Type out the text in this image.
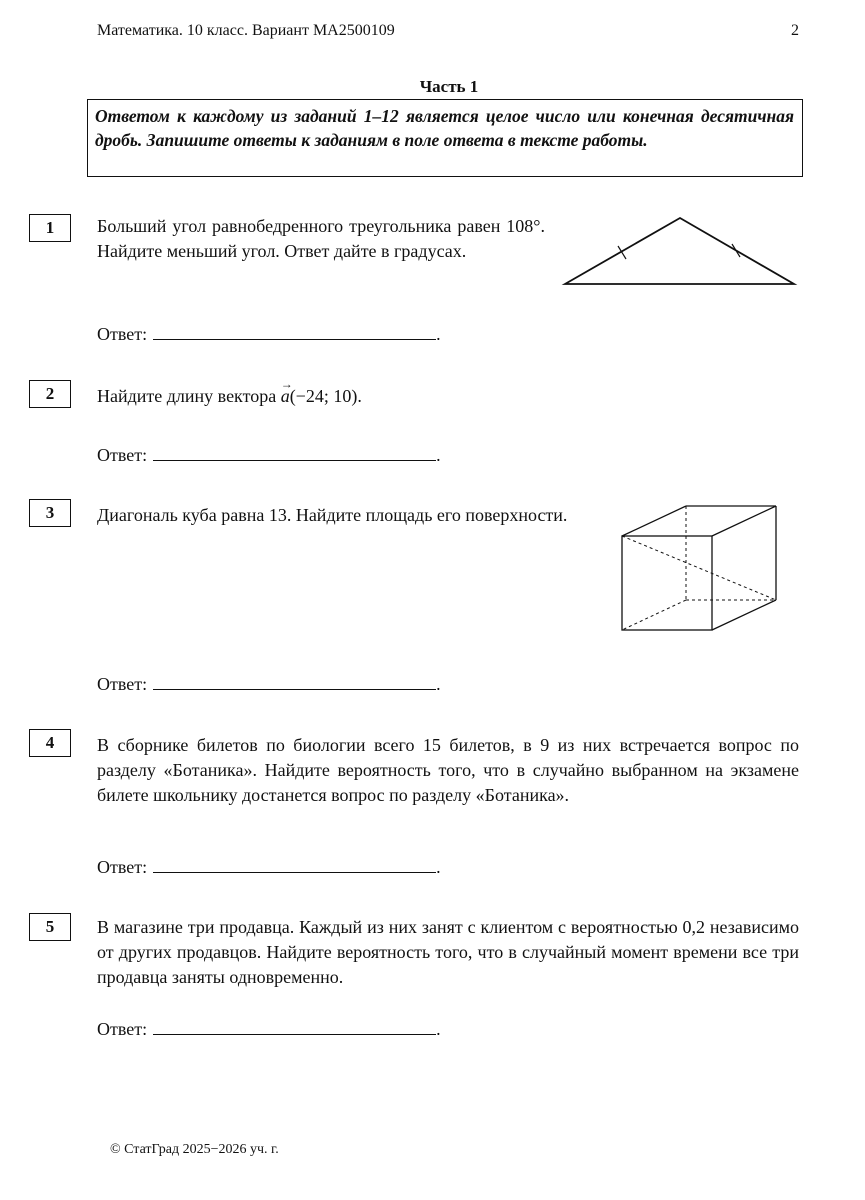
Математика. 10 класс. Вариант МА2500109	2
Часть 1
Ответом к каждому из заданий 1–12 является целое число или конечная десятичная дробь. Запишите ответы к заданиям в поле ответа в тексте работы.
1	Больший угол равнобедренного треугольника равен 108°. Найдите меньший угол. Ответ дайте в градусах.
Ответ:	.
2	Найдите длину вектора → a(−24; 10).
Ответ:	.
3	Диагональ куба равна 13. Найдите площадь его поверхности.
Ответ:	.
4	В сборнике билетов по биологии всего 15 билетов, в 9 из них встречается вопрос по разделу «Ботаника». Найдите вероятность того, что в случайно выбранном на экзамене билете школьнику достанется вопрос по разделу «Ботаника».
Ответ:	.
5	В магазине три продавца. Каждый из них занят с клиентом с вероятностью 0,2 независимо от других продавцов. Найдите вероятность того, что в случайный момент времени все три продавца заняты одновременно.
Ответ:	.
© СтатГрад 2025−2026 уч. г.
